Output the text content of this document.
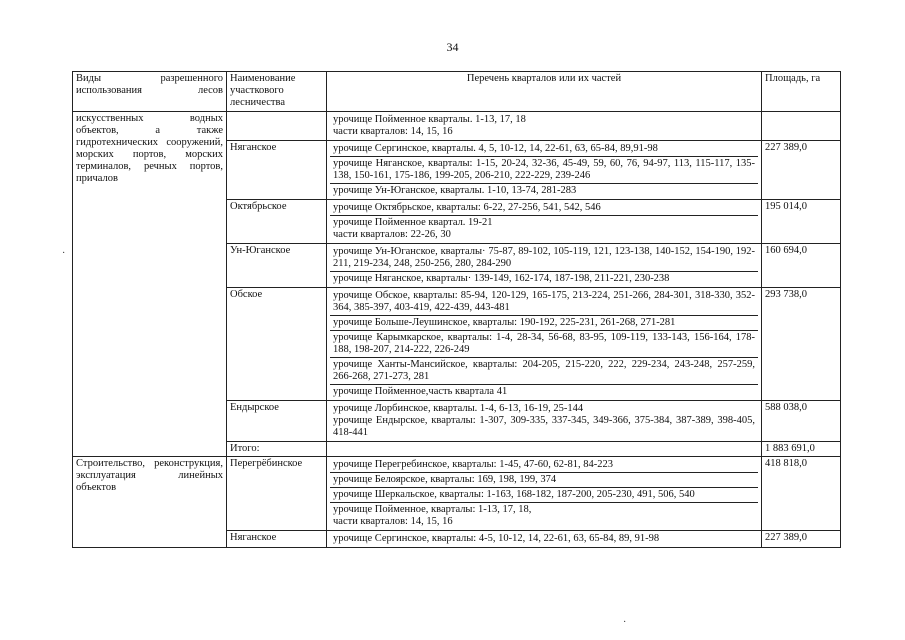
34
Виды разрешенного использования лесов	Наименование участкового лесничества	Перечень кварталов или их частей	Площадь, га
искусственных водных объектов, а также гидротехнических сооружений, морских портов, морских терминалов, речных портов, причалов		урочище Пойменное кварталы. 1-13, 17, 18
части кварталов: 14, 15, 16	

	Няганское	урочище Сергинское, кварталы. 4, 5, 10-12, 14, 22-61, 63, 65-84, 89,91-98
урочище Няганское, кварталы: 1-15, 20-24, 32-36, 45-49, 59, 60, 76, 94-97, 113, 115-117, 135-138, 150-161, 175-186, 199-205, 206-210, 222-229, 239-246
урочище Ун-Юганское, кварталы. 1-10, 13-74, 281-283	227 389,0
	Октябрьское	урочище Октябрьское, кварталы: 6-22, 27-256, 541, 542, 546
урочище Пойменное квартал. 19-21
части кварталов: 22-26, 30	195 014,0
	Ун-Юганское	урочище Ун-Юганское, кварталы· 75-87, 89-102, 105-119, 121, 123-138, 140-152, 154-190, 192-211, 219-234, 248, 250-256, 280, 284-290
урочище Няганское, кварталы· 139-149, 162-174, 187-198, 211-221, 230-238	160 694,0
	Обское	урочище Обское, кварталы: 85-94, 120-129, 165-175, 213-224, 251-266, 284-301, 318-330, 352-364, 385-397, 403-419, 422-439, 443-481
урочище Больше-Леушинское, кварталы: 190-192, 225-231, 261-268, 271-281
урочище Карымкарское, кварталы: 1-4, 28-34, 56-68, 83-95, 109-119, 133-143, 156-164, 178-188, 198-207, 214-222, 226-249
урочище Ханты-Мансийское, кварталы: 204-205, 215-220, 222, 229-234, 243-248, 257-259, 266-268, 271-273, 281
урочище Пойменное,часть квартала 41	293 738,0
	Ендырское	урочище Лорбинское, кварталы. 1-4, 6-13, 16-19, 25-144
урочище Ендырское, кварталы: 1-307, 309-335, 337-345, 349-366, 375-384, 387-389, 398-405, 418-441	588 038,0
	Итого:		1 883 691,0
Строительство, реконструкция, эксплуатация линейных объектов	Перегрёбинское	урочище Перегребинское, кварталы: 1-45, 47-60, 62-81, 84-223
урочище Белоярское, кварталы: 169, 198, 199, 374
урочище Шеркальское, кварталы: 1-163, 168-182, 187-200, 205-230, 491, 506, 540
урочище Пойменное, кварталы: 1-13, 17, 18,
части кварталов: 14, 15, 16	418 818,0
	Няганское	урочище Сергинское, кварталы: 4-5, 10-12, 14, 22-61, 63, 65-84, 89, 91-98	227 389,0
·
·
